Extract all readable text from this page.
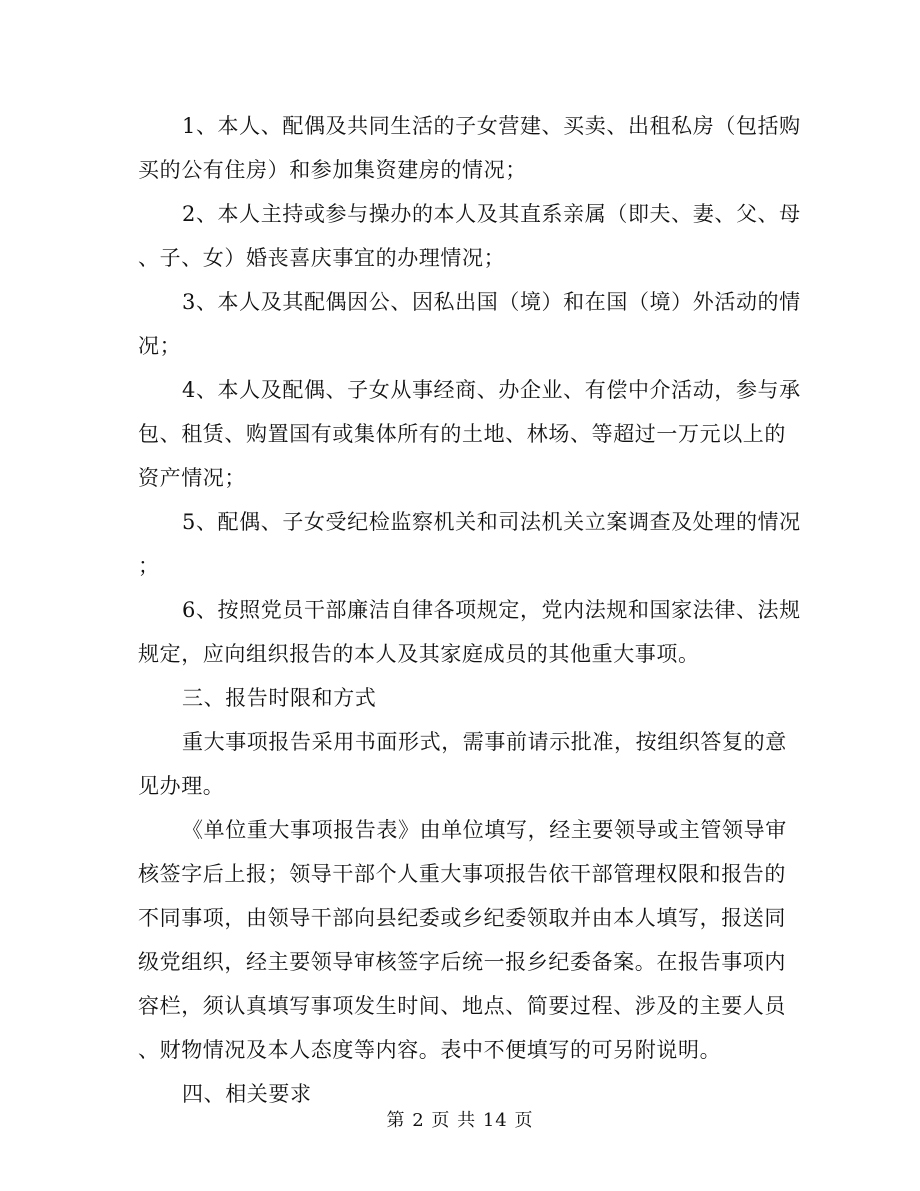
1、本人、配偶及共同生活的子女营建、买卖、出租私房（包括购
买的公有住房）和参加集资建房的情况；
2、本人主持或参与操办的本人及其直系亲属（即夫、妻、父、母
、子、女）婚丧喜庆事宜的办理情况；
3、本人及其配偶因公、因私出国（境）和在国（境）外活动的情
况；
4、本人及配偶、子女从事经商、办企业、有偿中介活动，参与承
包、租赁、购置国有或集体所有的土地、林场、等超过一万元以上的
资产情况；
5、配偶、子女受纪检监察机关和司法机关立案调查及处理的情况
；
6、按照党员干部廉洁自律各项规定，党内法规和国家法律、法规
规定，应向组织报告的本人及其家庭成员的其他重大事项。
三、报告时限和方式
重大事项报告采用书面形式，需事前请示批准，按组织答复的意
见办理。
《单位重大事项报告表》由单位填写，经主要领导或主管领导审
核签字后上报；领导干部个人重大事项报告依干部管理权限和报告的
不同事项，由领导干部向县纪委或乡纪委领取并由本人填写，报送同
级党组织，经主要领导审核签字后统一报乡纪委备案。在报告事项内
容栏，须认真填写事项发生时间、地点、简要过程、涉及的主要人员
、财物情况及本人态度等内容。表中不便填写的可另附说明。
四、相关要求
第 2 页 共 14 页
